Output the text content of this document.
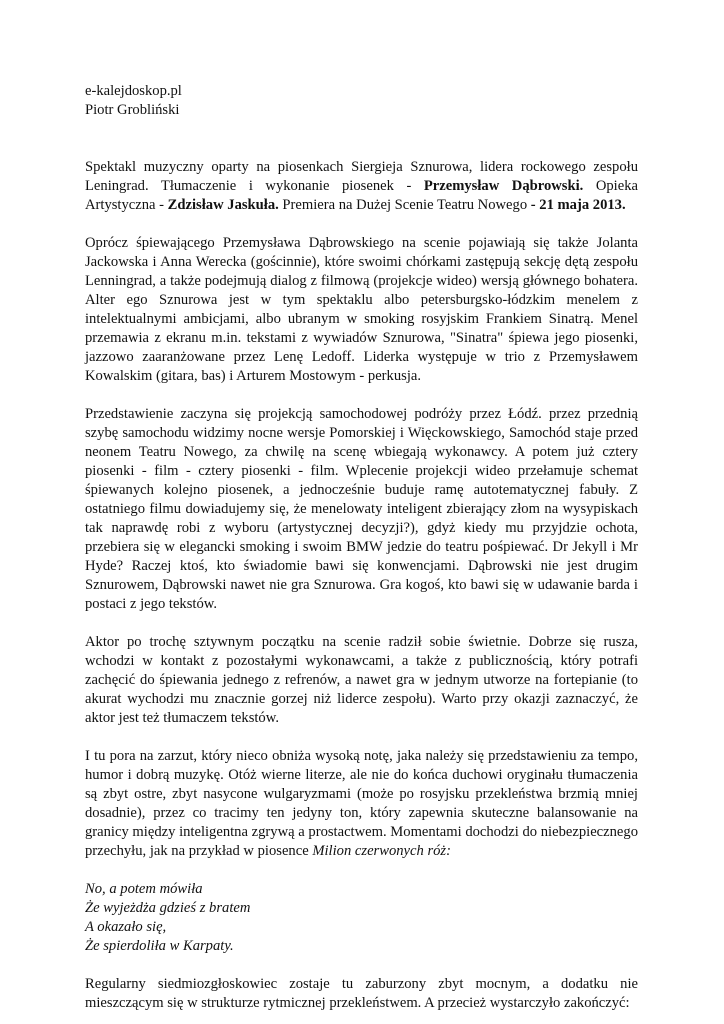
e-kalejdoskop.pl

Piotr Grobliński

Spektakl muzyczny oparty na piosenkach Siergieja Sznurowa, lidera rockowego zespołu Leningrad. Tłumaczenie i wykonanie piosenek - Przemysław Dąbrowski. Opieka Artystyczna - Zdzisław Jaskuła. Premiera na Dużej Scenie Teatru Nowego - 21 maja 2013.

Oprócz śpiewającego Przemysława Dąbrowskiego na scenie pojawiają się także Jolanta Jackowska i Anna Werecka (gościnnie), które swoimi chórkami zastępują sekcję dętą zespołu Lenningrad, a także podejmują dialog z filmową (projekcje wideo) wersją głównego bohatera. Alter ego Sznurowa jest w tym spektaklu albo petersburgsko-łódzkim menelem z intelektualnymi ambicjami, albo ubranym w smoking rosyjskim Frankiem Sinatrą. Menel przemawia z ekranu m.in. tekstami z wywiadów Sznurowa, "Sinatra" śpiewa jego piosenki, jazzowo zaaranżowane przez Lenę Ledoff. Liderka występuje w trio z Przemysławem Kowalskim (gitara, bas) i Arturem Mostowym - perkusja.

Przedstawienie zaczyna się projekcją samochodowej podróży przez Łódź. przez przednią szybę samochodu widzimy nocne wersje Pomorskiej i Więckowskiego, Samochód staje przed neonem Teatru Nowego, za chwilę na scenę wbiegają wykonawcy. A potem już cztery piosenki - film - cztery piosenki - film. Wplecenie projekcji wideo przełamuje schemat śpiewanych kolejno piosenek, a jednocześnie buduje ramę autotematycznej fabuły. Z ostatniego filmu dowiadujemy się, że menelowaty inteligent zbierający złom na wysypiskach tak naprawdę robi z wyboru (artystycznej decyzji?), gdyż kiedy mu przyjdzie ochota, przebiera się w elegancki smoking i swoim BMW jedzie do teatru pośpiewać. Dr Jekyll i Mr Hyde? Raczej ktoś, kto świadomie bawi się konwencjami. Dąbrowski nie jest drugim Sznurowem, Dąbrowski nawet nie gra Sznurowa. Gra kogoś, kto bawi się w udawanie barda i postaci z jego tekstów.

Aktor po trochę sztywnym początku na scenie radził sobie świetnie. Dobrze się rusza, wchodzi w kontakt z pozostałymi wykonawcami, a także z publicznością, który potrafi zachęcić do śpiewania jednego z refrenów, a nawet gra w jednym utworze na fortepianie (to akurat wychodzi mu znacznie gorzej niż liderce zespołu). Warto przy okazji zaznaczyć, że aktor jest też tłumaczem tekstów.

I tu pora na zarzut, który nieco obniża wysoką notę, jaka należy się przedstawieniu za tempo, humor i dobrą muzykę. Otóż wierne literze, ale nie do końca duchowi oryginału tłumaczenia są zbyt ostre, zbyt nasycone wulgaryzmami (może po rosyjsku przekleństwa brzmią mniej dosadnie), przez co tracimy ten jedyny ton, który zapewnia skuteczne balansowanie na granicy między inteligentna zgrywą a prostactwem. Momentami dochodzi do niebezpiecznego przechyłu, jak na przykład w piosence Milion czerwonych róż:

No, a potem mówiła

Że wyjeżdża gdzieś z bratem

A okazało się,

Że spierdoliła w Karpaty.

Regularny siedmiozgłoskowiec zostaje tu zaburzony zbyt mocnym, a dodatku nie mieszczącym się w strukturze rytmicznej przekleństwem. A przecież wystarczyło zakończyć:
